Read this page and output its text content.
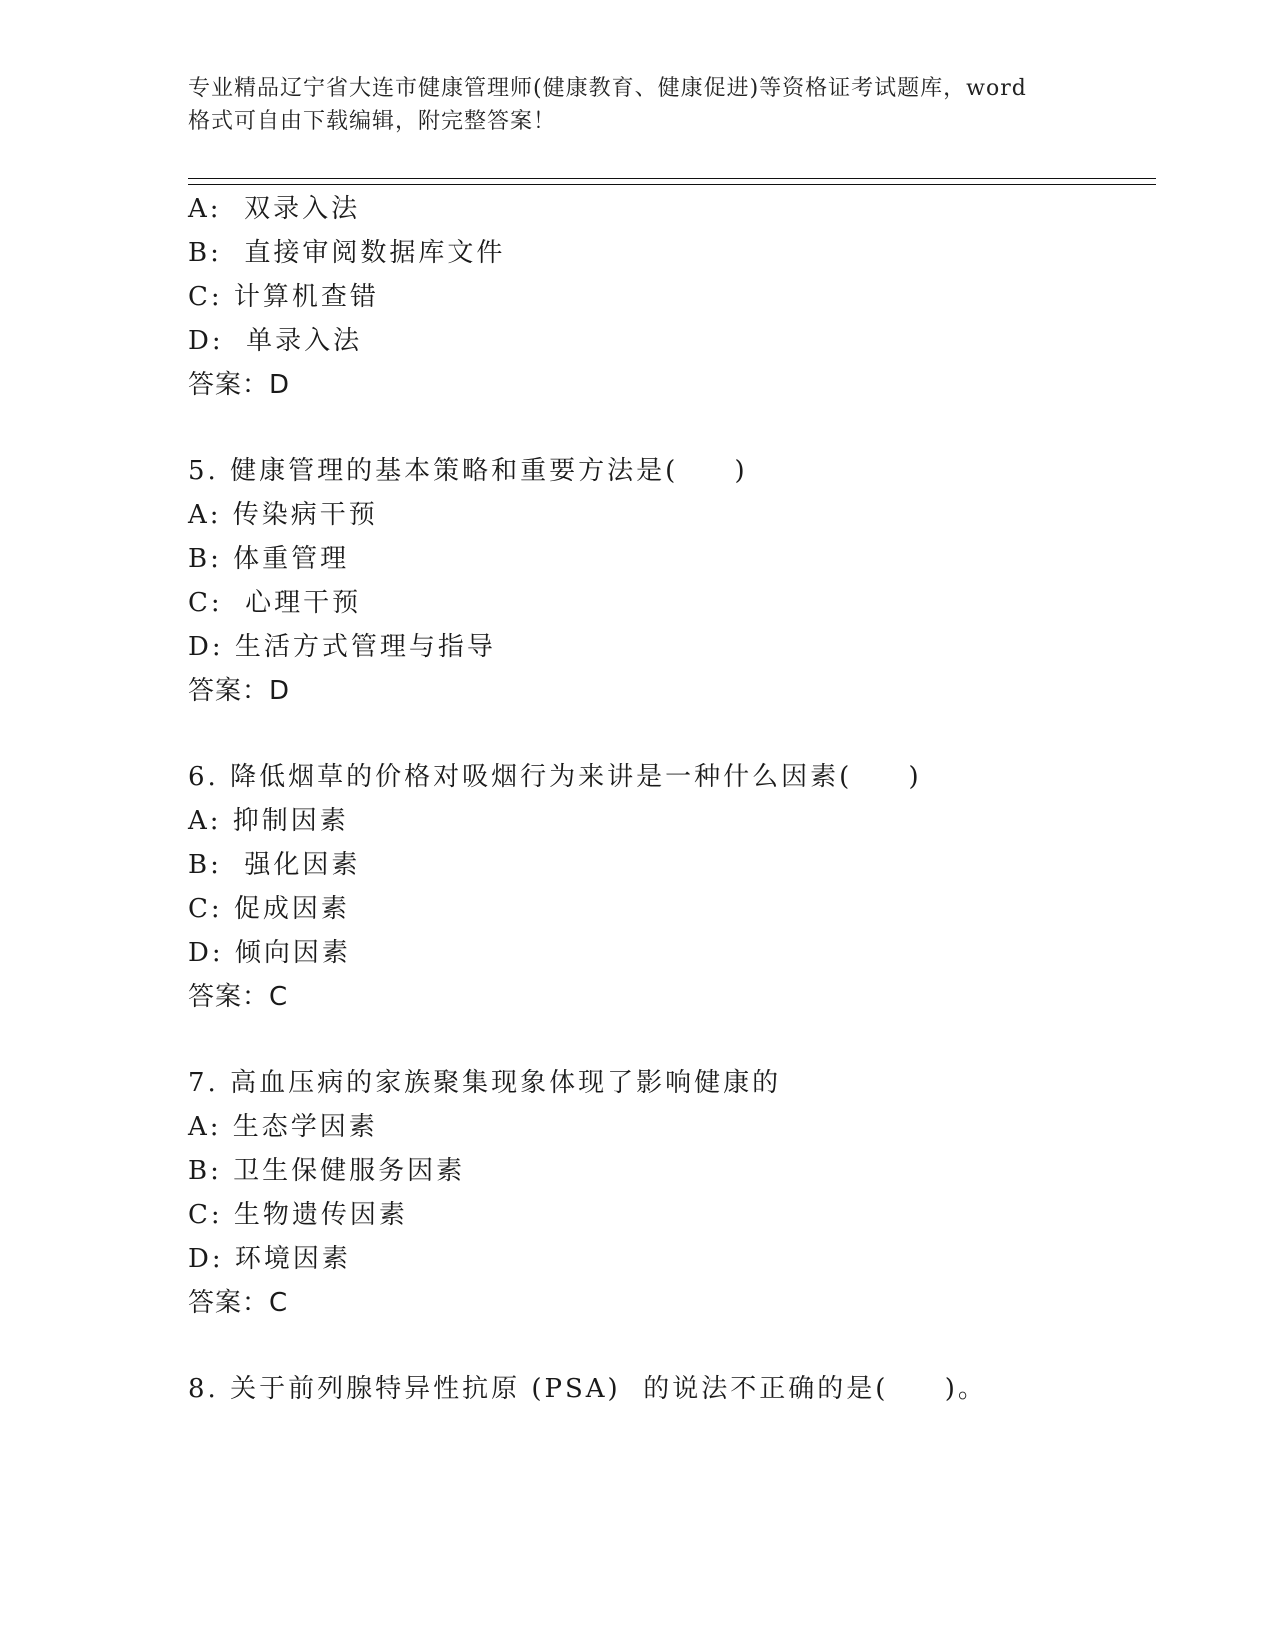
专业精品辽宁省大连市健康管理师(健康教育、健康促进)等资格证考试题库，word
格式可自由下载编辑，附完整答案！
A:  双录入法
B:  直接审阅数据库文件
C: 计算机查错
D:  单录入法
答案：D
5. 健康管理的基本策略和重要方法是(     )
A: 传染病干预
B: 体重管理
C:  心理干预
D: 生活方式管理与指导
答案：D
6. 降低烟草的价格对吸烟行为来讲是一种什么因素(     )
A: 抑制因素
B:  强化因素
C: 促成因素
D: 倾向因素
答案：C
7. 高血压病的家族聚集现象体现了影响健康的
A: 生态学因素
B: 卫生保健服务因素
C: 生物遗传因素
D: 环境因素
答案：C
8. 关于前列腺特异性抗原 (PSA)  的说法不正确的是(     )。
